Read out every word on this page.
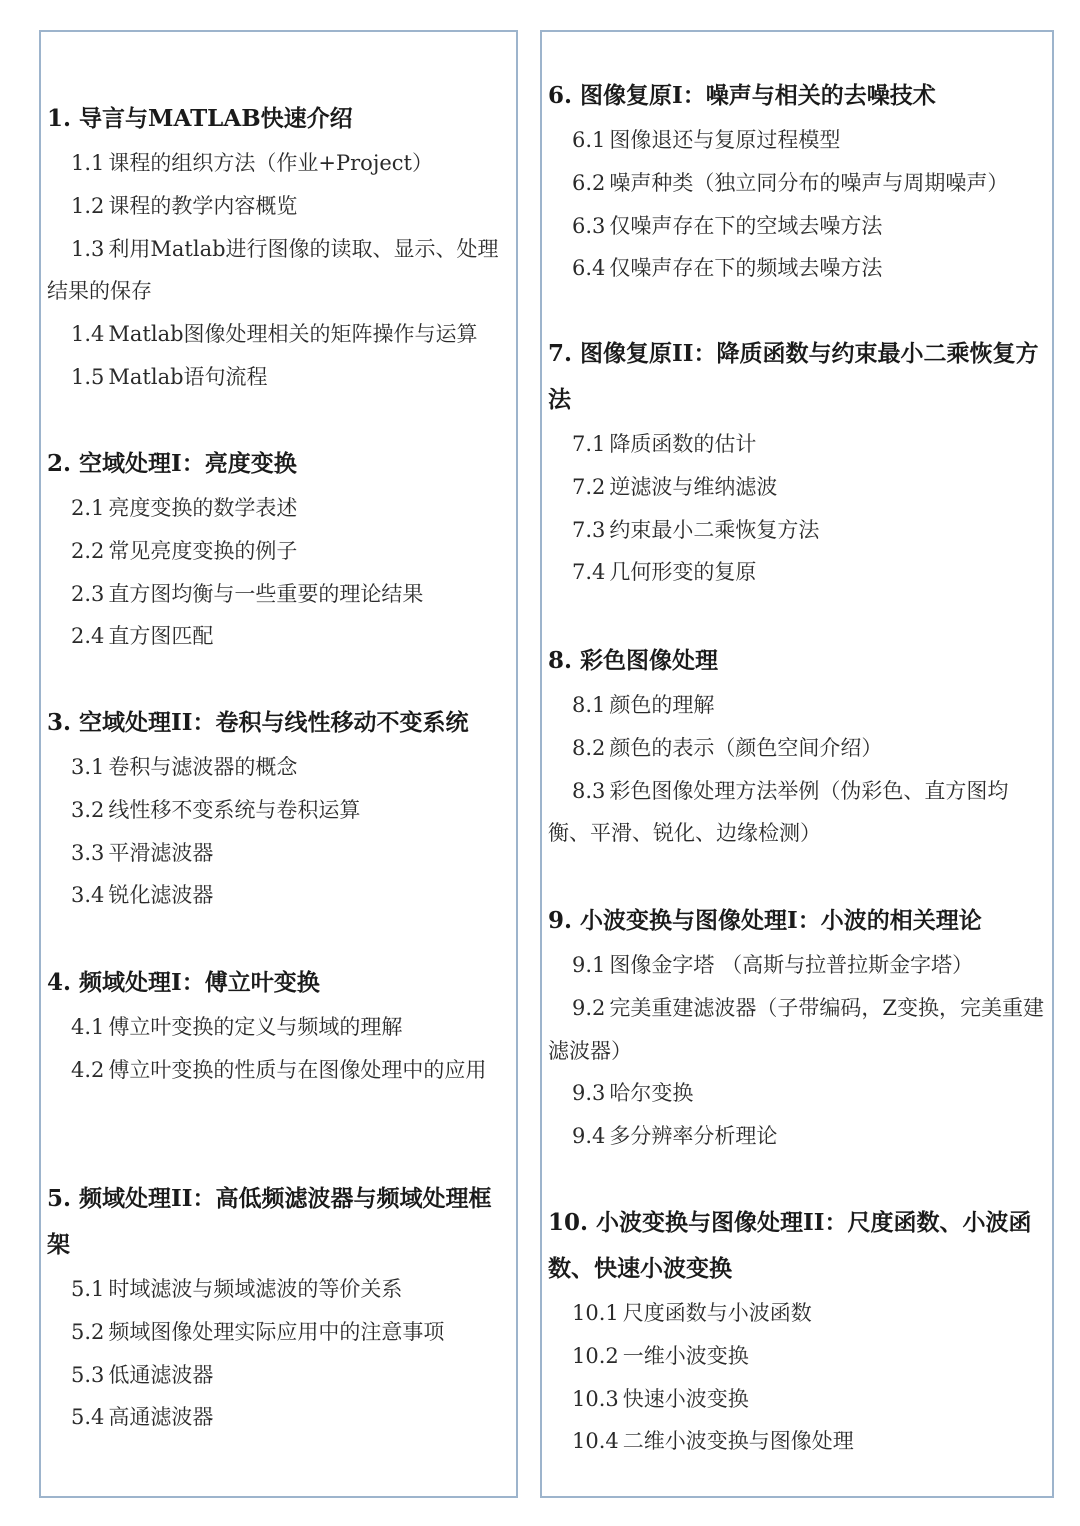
1. 导言与MATLAB快速介绍
1.1 课程的组织方法（作业+Project）
1.2 课程的教学内容概览
1.3 利用Matlab进行图像的读取、显示、处理结果的保存
1.4 Matlab图像处理相关的矩阵操作与运算
1.5 Matlab语句流程
2. 空域处理I：亮度变换
2.1 亮度变换的数学表述
2.2 常见亮度变换的例子
2.3 直方图均衡与一些重要的理论结果
2.4 直方图匹配
3. 空域处理II：卷积与线性移动不变系统
3.1 卷积与滤波器的概念
3.2 线性移不变系统与卷积运算
3.3 平滑滤波器
3.4 锐化滤波器
4. 频域处理I：傅立叶变换
4.1 傅立叶变换的定义与频域的理解
4.2 傅立叶变换的性质与在图像处理中的应用
5. 频域处理II：高低频滤波器与频域处理框架
5.1 时域滤波与频域滤波的等价关系
5.2 频域图像处理实际应用中的注意事项
5.3 低通滤波器
5.4 高通滤波器
6. 图像复原I：噪声与相关的去噪技术
6.1 图像退还与复原过程模型
6.2 噪声种类（独立同分布的噪声与周期噪声）
6.3 仅噪声存在下的空域去噪方法
6.4 仅噪声存在下的频域去噪方法
7. 图像复原II：降质函数与约束最小二乘恢复方法
7.1 降质函数的估计
7.2 逆滤波与维纳滤波
7.3 约束最小二乘恢复方法
7.4 几何形变的复原
8. 彩色图像处理
8.1 颜色的理解
8.2 颜色的表示（颜色空间介绍）
8.3 彩色图像处理方法举例（伪彩色、直方图均衡、平滑、锐化、边缘检测）
9. 小波变换与图像处理I：小波的相关理论
9.1 图像金字塔 （高斯与拉普拉斯金字塔）
9.2 完美重建滤波器（子带编码，Z变换，完美重建滤波器）
9.3 哈尔变换
9.4 多分辨率分析理论
10. 小波变换与图像处理II：尺度函数、小波函数、快速小波变换
10.1 尺度函数与小波函数
10.2 一维小波变换
10.3 快速小波变换
10.4 二维小波变换与图像处理
